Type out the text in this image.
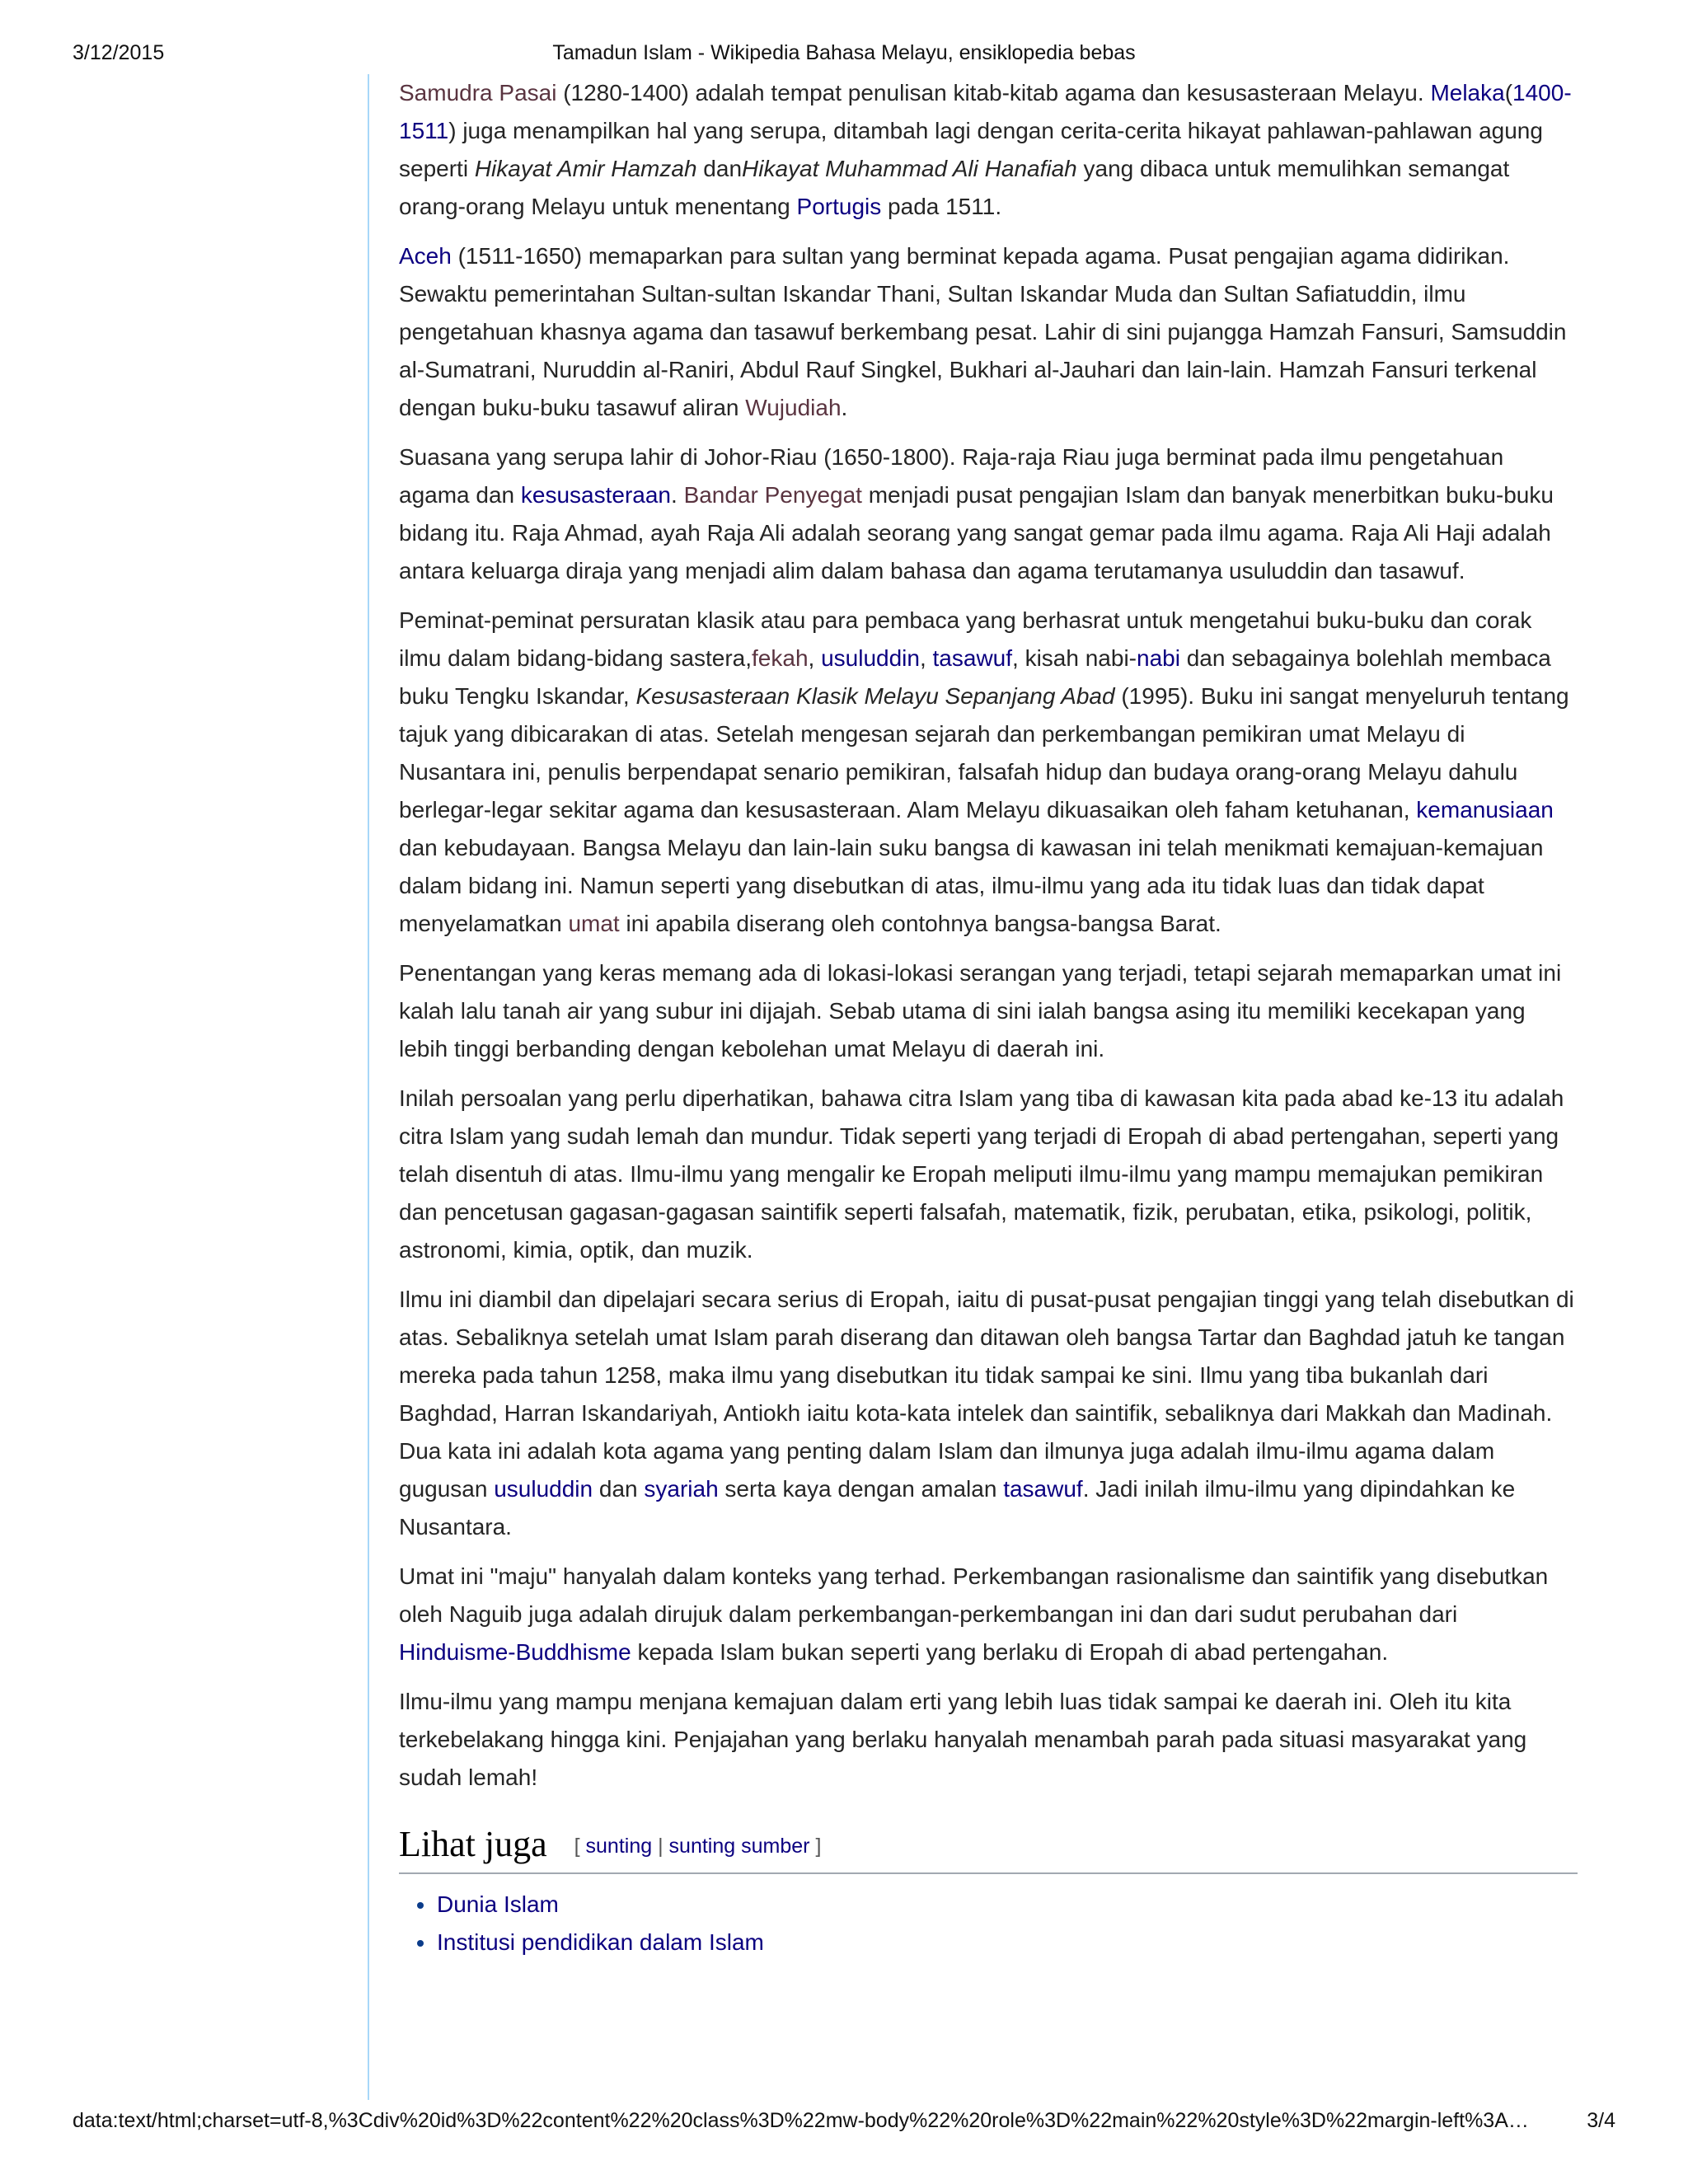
3/12/2015	Tamadun Islam - Wikipedia Bahasa Melayu, ensiklopedia bebas

Samudra Pasai (1280-1400) adalah tempat penulisan kitab-kitab agama dan kesusasteraan Melayu. Melaka(1400-1511) juga menampilkan hal yang serupa, ditambah lagi dengan cerita-cerita hikayat pahlawan-pahlawan agung seperti Hikayat Amir Hamzah danHikayat Muhammad Ali Hanafiah yang dibaca untuk memulihkan semangat orang-orang Melayu untuk menentang Portugis pada 1511.

Aceh (1511-1650) memaparkan para sultan yang berminat kepada agama. Pusat pengajian agama didirikan. Sewaktu pemerintahan Sultan-sultan Iskandar Thani, Sultan Iskandar Muda dan Sultan Safiatuddin, ilmu pengetahuan khasnya agama dan tasawuf berkembang pesat. Lahir di sini pujangga Hamzah Fansuri, Samsuddin al-Sumatrani, Nuruddin al-Raniri, Abdul Rauf Singkel, Bukhari al-Jauhari dan lain-lain. Hamzah Fansuri terkenal dengan buku-buku tasawuf aliran Wujudiah.

Suasana yang serupa lahir di Johor-Riau (1650-1800). Raja-raja Riau juga berminat pada ilmu pengetahuan agama dan kesusasteraan. Bandar Penyegat menjadi pusat pengajian Islam dan banyak menerbitkan buku-buku bidang itu. Raja Ahmad, ayah Raja Ali adalah seorang yang sangat gemar pada ilmu agama. Raja Ali Haji adalah antara keluarga diraja yang menjadi alim dalam bahasa dan agama terutamanya usuluddin dan tasawuf.

Peminat-peminat persuratan klasik atau para pembaca yang berhasrat untuk mengetahui buku-buku dan corak ilmu dalam bidang-bidang sastera,fekah, usuluddin, tasawuf, kisah nabi-nabi dan sebagainya bolehlah membaca buku Tengku Iskandar, Kesusasteraan Klasik Melayu Sepanjang Abad (1995). Buku ini sangat menyeluruh tentang tajuk yang dibicarakan di atas. Setelah mengesan sejarah dan perkembangan pemikiran umat Melayu di Nusantara ini, penulis berpendapat senario pemikiran, falsafah hidup dan budaya orang-orang Melayu dahulu berlegar-legar sekitar agama dan kesusasteraan. Alam Melayu dikuasaikan oleh faham ketuhanan, kemanusiaan dan kebudayaan. Bangsa Melayu dan lain-lain suku bangsa di kawasan ini telah menikmati kemajuan-kemajuan dalam bidang ini. Namun seperti yang disebutkan di atas, ilmu-ilmu yang ada itu tidak luas dan tidak dapat menyelamatkan umat ini apabila diserang oleh contohnya bangsa-bangsa Barat.

Penentangan yang keras memang ada di lokasi-lokasi serangan yang terjadi, tetapi sejarah memaparkan umat ini kalah lalu tanah air yang subur ini dijajah. Sebab utama di sini ialah bangsa asing itu memiliki kecekapan yang lebih tinggi berbanding dengan kebolehan umat Melayu di daerah ini.

Inilah persoalan yang perlu diperhatikan, bahawa citra Islam yang tiba di kawasan kita pada abad ke-13 itu adalah citra Islam yang sudah lemah dan mundur. Tidak seperti yang terjadi di Eropah di abad pertengahan, seperti yang telah disentuh di atas. Ilmu-ilmu yang mengalir ke Eropah meliputi ilmu-ilmu yang mampu memajukan pemikiran dan pencetusan gagasan-gagasan saintifik seperti falsafah, matematik, fizik, perubatan, etika, psikologi, politik, astronomi, kimia, optik, dan muzik.

Ilmu ini diambil dan dipelajari secara serius di Eropah, iaitu di pusat-pusat pengajian tinggi yang telah disebutkan di atas. Sebaliknya setelah umat Islam parah diserang dan ditawan oleh bangsa Tartar dan Baghdad jatuh ke tangan mereka pada tahun 1258, maka ilmu yang disebutkan itu tidak sampai ke sini. Ilmu yang tiba bukanlah dari Baghdad, Harran Iskandariyah, Antiokh iaitu kota-kata intelek dan saintifik, sebaliknya dari Makkah dan Madinah. Dua kata ini adalah kota agama yang penting dalam Islam dan ilmunya juga adalah ilmu-ilmu agama dalam gugusan usuluddin dan syariah serta kaya dengan amalan tasawuf. Jadi inilah ilmu-ilmu yang dipindahkan ke Nusantara.

Umat ini "maju" hanyalah dalam konteks yang terhad. Perkembangan rasionalisme dan saintifik yang disebutkan oleh Naguib juga adalah dirujuk dalam perkembangan-perkembangan ini dan dari sudut perubahan dari Hinduisme-Buddhisme kepada Islam bukan seperti yang berlaku di Eropah di abad pertengahan.

Ilmu-ilmu yang mampu menjana kemajuan dalam erti yang lebih luas tidak sampai ke daerah ini. Oleh itu kita terkebelakang hingga kini. Penjajahan yang berlaku hanyalah menambah parah pada situasi masyarakat yang sudah lemah!

Lihat juga [ sunting | sunting sumber ]
Dunia Islam
Institusi pendidikan dalam Islam
data:text/html;charset=utf-8,%3Cdiv%20id%3D%22content%22%20class%3D%22mw-body%22%20role%3D%22main%22%20style%3D%22margin-left%3A…	3/4
